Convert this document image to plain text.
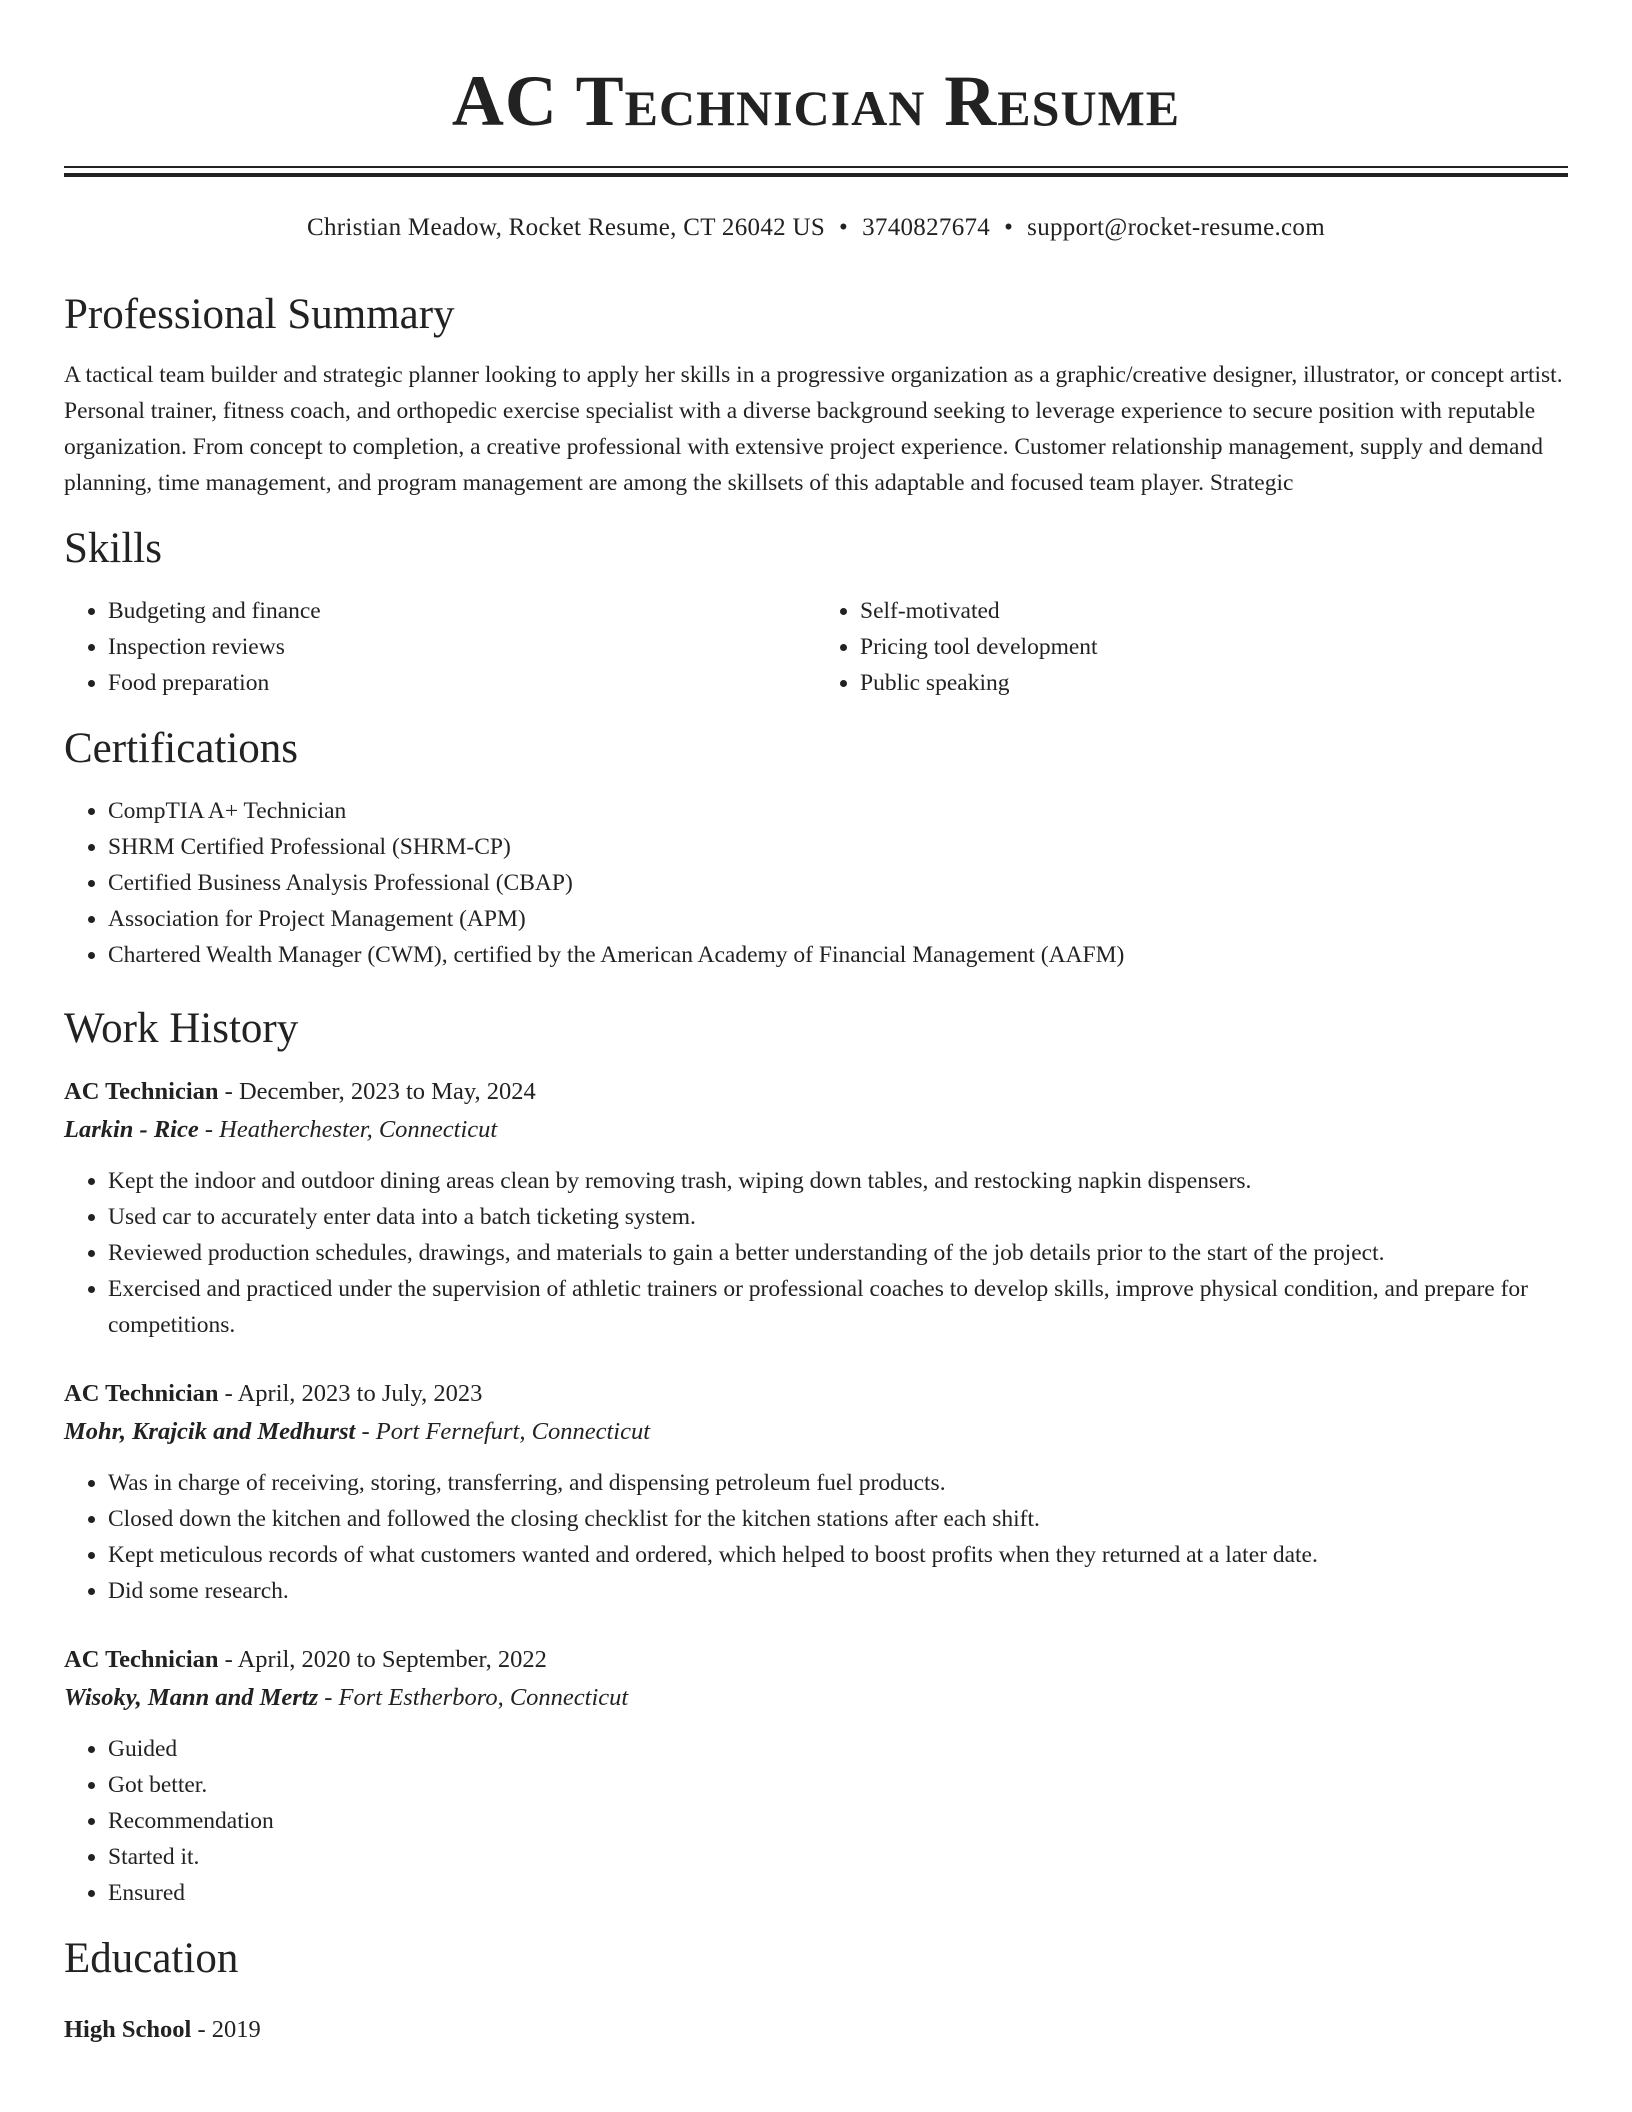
AC Technician Resume
Christian Meadow, Rocket Resume, CT 26042 US • 3740827674 • support@rocket-resume.com
Professional Summary

A tactical team builder and strategic planner looking to apply her skills in a progressive organization as a graphic/creative designer, illustrator, or concept artist. Personal trainer, fitness coach, and orthopedic exercise specialist with a diverse background seeking to leverage experience to secure position with reputable organization. From concept to completion, a creative professional with extensive project experience. Customer relationship management, supply and demand planning, time management, and program management are among the skillsets of this adaptable and focused team player. Strategic

Skills
• Budgeting and finance
• Inspection reviews
• Food preparation
• Self-motivated
• Pricing tool development
• Public speaking
Certifications
• CompTIA A+ Technician
• SHRM Certified Professional (SHRM-CP)
• Certified Business Analysis Professional (CBAP)
• Association for Project Management (APM)
• Chartered Wealth Manager (CWM), certified by the American Academy of Financial Management (AAFM)
Work History
AC Technician - December, 2023 to May, 2024
Larkin - Rice - Heatherchester, Connecticut
• Kept the indoor and outdoor dining areas clean by removing trash, wiping down tables, and restocking napkin dispensers.
• Used car to accurately enter data into a batch ticketing system.
• Reviewed production schedules, drawings, and materials to gain a better understanding of the job details prior to the start of the project.
• Exercised and practiced under the supervision of athletic trainers or professional coaches to develop skills, improve physical condition, and prepare for competitions.
AC Technician - April, 2023 to July, 2023
Mohr, Krajcik and Medhurst - Port Fernefurt, Connecticut
• Was in charge of receiving, storing, transferring, and dispensing petroleum fuel products.
• Closed down the kitchen and followed the closing checklist for the kitchen stations after each shift.
• Kept meticulous records of what customers wanted and ordered, which helped to boost profits when they returned at a later date.
• Did some research.
AC Technician - April, 2020 to September, 2022
Wisoky, Mann and Mertz - Fort Estherboro, Connecticut
• Guided
• Got better.
• Recommendation
• Started it.
• Ensured
Education
High School - 2019
